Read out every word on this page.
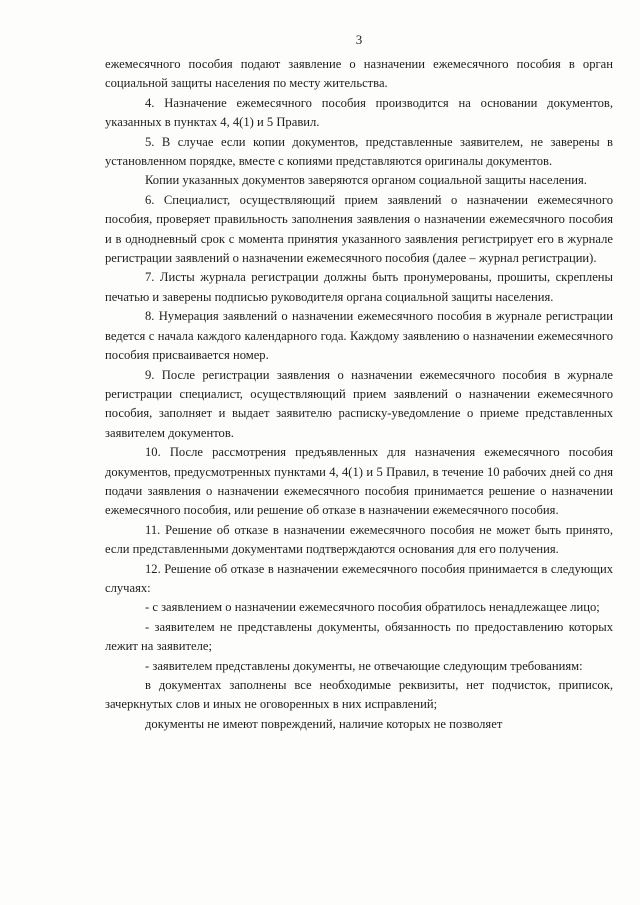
3

ежемесячного пособия подают заявление о назначении ежемесячного пособия в орган социальной защиты населения по месту жительства.

4. Назначение ежемесячного пособия производится на основании документов, указанных в пунктах 4, 4(1) и 5 Правил.

5. В случае если копии документов, представленные заявителем, не заверены в установленном порядке, вместе с копиями представляются оригиналы документов.

Копии указанных документов заверяются органом социальной защиты населения.

6. Специалист, осуществляющий прием заявлений о назначении ежемесячного пособия, проверяет правильность заполнения заявления о назначении ежемесячного пособия и в однодневный срок с момента принятия указанного заявления регистрирует его в журнале регистрации заявлений о назначении ежемесячного пособия (далее – журнал регистрации).

7. Листы журнала регистрации должны быть пронумерованы, прошиты, скреплены печатью и заверены подписью руководителя органа социальной защиты населения.

8. Нумерация заявлений о назначении ежемесячного пособия в журнале регистрации ведется с начала каждого календарного года. Каждому заявлению о назначении ежемесячного пособия присваивается номер.

9. После регистрации заявления о назначении ежемесячного пособия в журнале регистрации специалист, осуществляющий прием заявлений о назначении ежемесячного пособия, заполняет и выдает заявителю расписку-уведомление о приеме представленных заявителем документов.

10. После рассмотрения предъявленных для назначения ежемесячного пособия документов, предусмотренных пунктами 4, 4(1) и 5 Правил, в течение 10 рабочих дней со дня подачи заявления о назначении ежемесячного пособия принимается решение о назначении ежемесячного пособия, или решение об отказе в назначении ежемесячного пособия.

11. Решение об отказе в назначении ежемесячного пособия не может быть принято, если представленными документами подтверждаются основания для его получения.

12. Решение об отказе в назначении ежемесячного пособия принимается в следующих случаях:

- с заявлением о назначении ежемесячного пособия обратилось ненадлежащее лицо;

- заявителем не представлены документы, обязанность по предоставлению которых лежит на заявителе;

- заявителем представлены документы, не отвечающие следующим требованиям:

в документах заполнены все необходимые реквизиты, нет подчисток, приписок, зачеркнутых слов и иных не оговоренных в них исправлений;

документы не имеют повреждений, наличие которых не позволяет
